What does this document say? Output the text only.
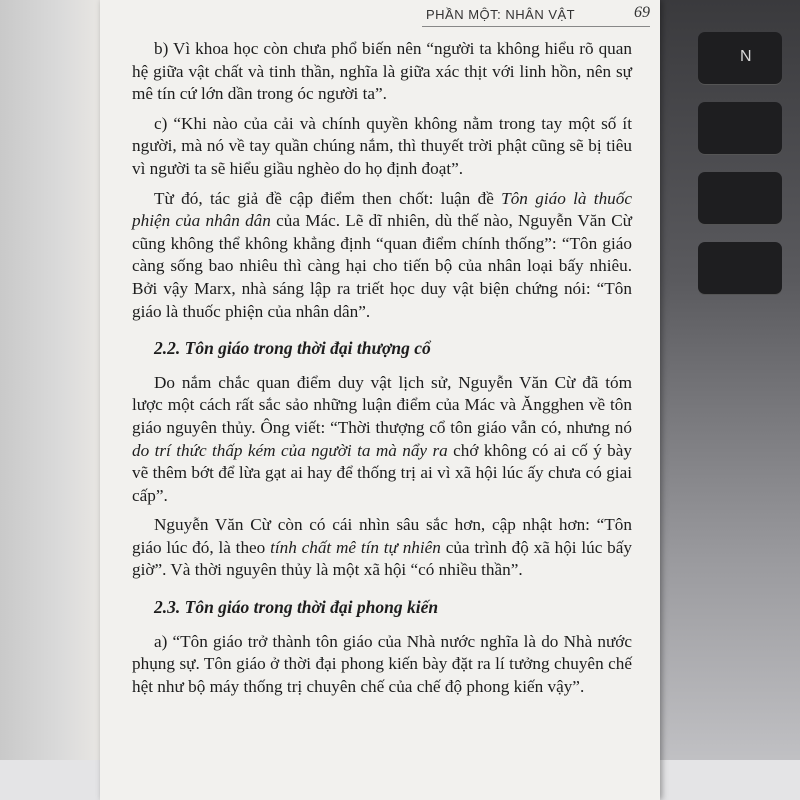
N
PHẦN MỘT: NHÂN VẬT	69

b) Vì khoa học còn chưa phổ biến nên “người ta không hiểu rõ quan hệ giữa vật chất và tinh thần, nghĩa là giữa xác thịt với linh hồn, nên sự mê tín cứ lớn dần trong óc người ta”.

c) “Khi nào của cải và chính quyền không nằm trong tay một số ít người, mà nó về tay quần chúng nắm, thì thuyết trời phật cũng sẽ bị tiêu vì người ta sẽ hiểu giầu nghèo do họ định đoạt”.

Từ đó, tác giả đề cập điểm then chốt: luận đề Tôn giáo là thuốc phiện của nhân dân của Mác. Lẽ dĩ nhiên, dù thế nào, Nguyễn Văn Cừ cũng không thể không khẳng định “quan điểm chính thống”: “Tôn giáo càng sống bao nhiêu thì càng hại cho tiến bộ của nhân loại bấy nhiêu. Bởi vậy Marx, nhà sáng lập ra triết học duy vật biện chứng nói: “Tôn giáo là thuốc phiện của nhân dân”.

2.2. Tôn giáo trong thời đại thượng cổ

Do nắm chắc quan điểm duy vật lịch sử, Nguyễn Văn Cừ đã tóm lược một cách rất sắc sảo những luận điểm của Mác và Ăngghen về tôn giáo nguyên thủy. Ông viết: “Thời thượng cổ tôn giáo vẫn có, nhưng nó do trí thức thấp kém của người ta mà nẩy ra chớ không có ai cố ý bày vẽ thêm bớt để lừa gạt ai hay để thống trị ai vì xã hội lúc ấy chưa có giai cấp”.

Nguyễn Văn Cừ còn có cái nhìn sâu sắc hơn, cập nhật hơn: “Tôn giáo lúc đó, là theo tính chất mê tín tự nhiên của trình độ xã hội lúc bấy giờ”. Và thời nguyên thủy là một xã hội “có nhiều thần”.

2.3. Tôn giáo trong thời đại phong kiến

a) “Tôn giáo trở thành tôn giáo của Nhà nước nghĩa là do Nhà nước phụng sự. Tôn giáo ở thời đại phong kiến bày đặt ra lí tưởng chuyên chế hệt như bộ máy thống trị chuyên chế của chế độ phong kiến vậy”.
